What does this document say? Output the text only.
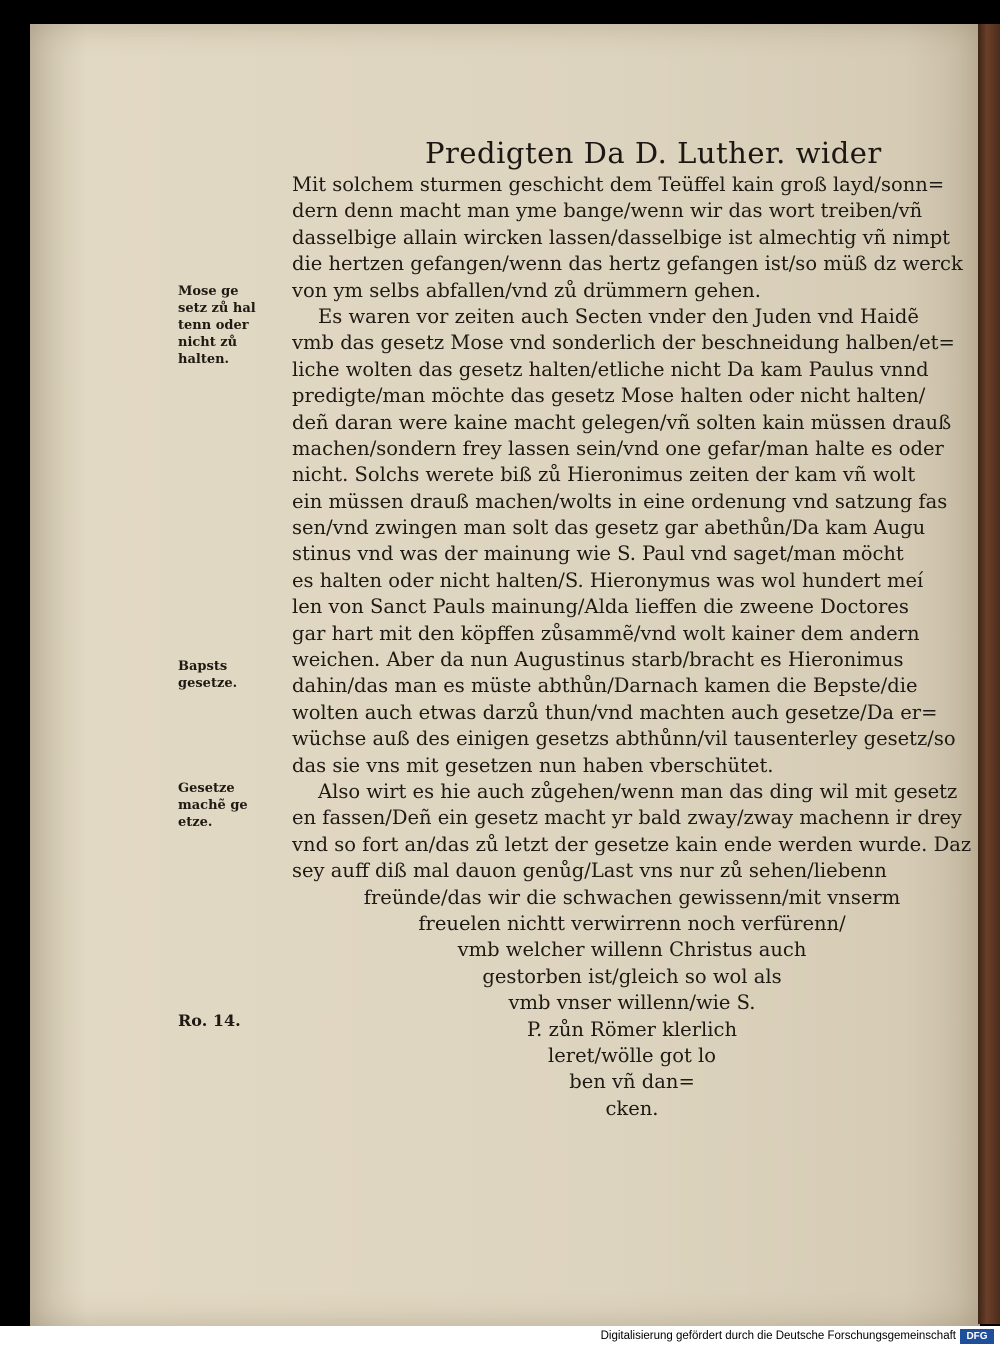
Predigten Da D. Luther. wider
Mit solchem sturmen geschicht dem Teüffel kain groß layd/sonn=
dern denn macht man yme bange/wenn wir das wort treiben/vñ
dasselbige allain wircken lassen/dasselbige ist almechtig vñ nimpt
die hertzen gefangen/wenn das hertz gefangen ist/so müß dz werck
von ym selbs abfallen/vnd zů drümmern gehen.
Es waren vor zeiten auch Secten vnder den Juden vnd Haidẽ
vmb das gesetz Mose vnd sonderlich der beschneidung halben/et=
liche wolten das gesetz halten/etliche nicht Da kam Paulus vnnd
predigte/man möchte das gesetz Mose halten oder nicht halten/
deñ daran were kaine macht gelegen/vñ solten kain müssen drauß
machen/sondern frey lassen sein/vnd one gefar/man halte es oder
nicht. Solchs werete biß zů Hieronimus zeiten der kam vñ wolt
ein müssen drauß machen/wolts in eine ordenung vnd satzung fas
sen/vnd zwingen man solt das gesetz gar abethůn/Da kam Augu
stinus vnd was der mainung wie S. Paul vnd saget/man möcht
es halten oder nicht halten/S. Hieronymus was wol hundert meí
len von Sanct Pauls mainung/Alda lieffen die zweene Doctores
gar hart mit den köpffen zůsammẽ/vnd wolt kainer dem andern
weichen. Aber da nun Augustinus starb/bracht es Hieronimus
dahin/das man es müste abthůn/Darnach kamen die Bepste/die
wolten auch etwas darzů thun/vnd machten auch gesetze/Da er=
wüchse auß des einigen gesetzs abthůnn/vil tausenterley gesetz/so
das sie vns mit gesetzen nun haben vberschütet.
Also wirt es hie auch zůgehen/wenn man das ding wil mit gesetz
en fassen/Deñ ein gesetz macht yr bald zway/zway machenn ir drey
vnd so fort an/das zů letzt der gesetze kain ende werden wurde. Daz
sey auff diß mal dauon genůg/Last vns nur zů sehen/liebenn
freünde/das wir die schwachen gewissenn/mit vnserm
freuelen nichtt verwirrenn noch verfürenn/
vmb welcher willenn Christus auch
gestorben ist/gleich so wol als
vmb vnser willenn/wie S.
P. zůn Römer klerlich
leret/wölle got lo
ben vñ dan=
cken.
Mose ge setz zů hal tenn oder nicht zů halten.
Bapsts gesetze.
Gesetze machẽ ge etze.
Ro. 14.
Digitalisierung gefördert durch die Deutsche Forschungsgemeinschaft	DFG
